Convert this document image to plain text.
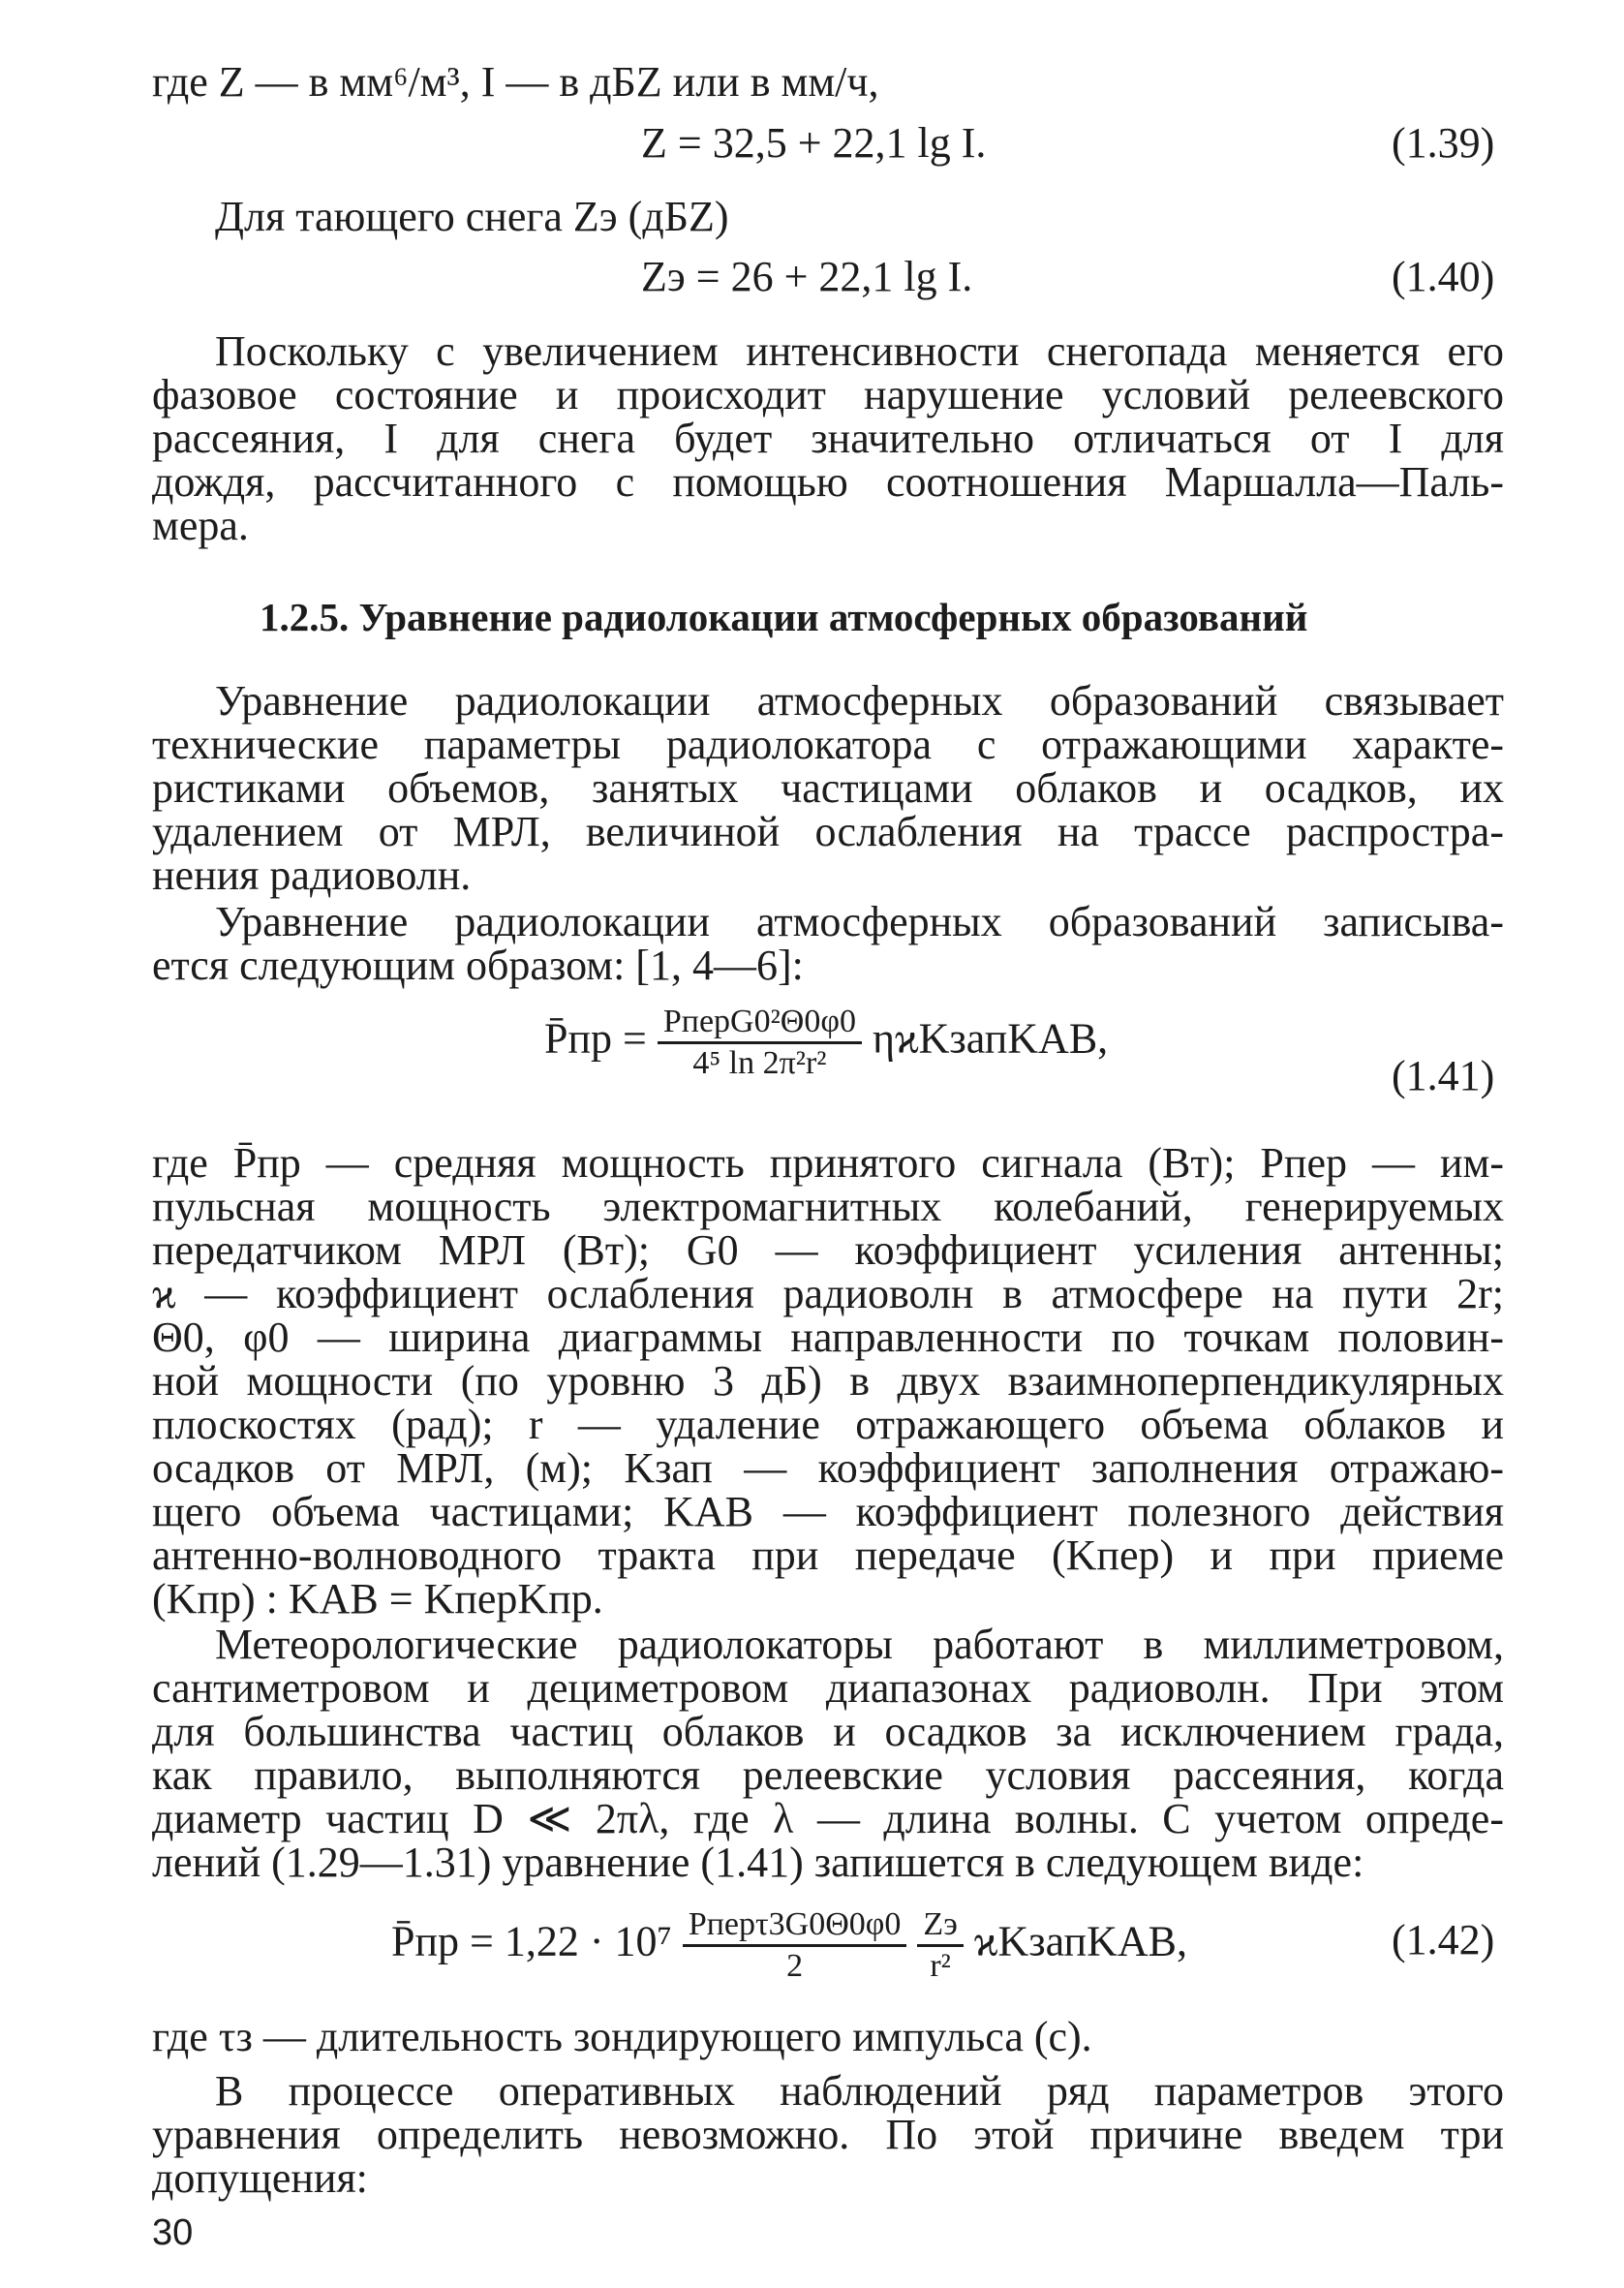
где Z — в мм⁶/м³, I — в дБZ или в мм/ч,
Z = 32,5 + 22,1 lg I.	(1.39)
Для тающего снега Zэ (дБZ)
Zэ = 26 + 22,1 lg I.	(1.40)
Поскольку с увеличением интенсивности снегопада меняется его
фазовое состояние и происходит нарушение условий релеевского
рассеяния, I для снега будет значительно отличаться от I для
дождя, рассчитанного с помощью соотношения Маршалла—Паль-
мера.
1.2.5. Уравнение радиолокации атмосферных образований
Уравнение радиолокации атмосферных образований связывает
технические параметры радиолокатора с отражающими характе-
ристиками объемов, занятых частицами облаков и осадков, их
удалением от МРЛ, величиной ослабления на трассе распростра-
нения радиоволн.
Уравнение радиолокации атмосферных образований записыва-
ется следующим образом: [1, 4—6]:
P̄пр = $\frac{\text{PперG0²Θ0φ0}}{\text{4⁵ ln 2π²r²}}$ ηϰKзапKАВ,
(1.41)
где P̄пр — средняя мощность принятого сигнала (Вт); Pпер — им-
пульсная мощность электромагнитных колебаний, генерируемых
передатчиком МРЛ (Вт); G0 — коэффициент усиления антенны;
ϰ — коэффициент ослабления радиоволн в атмосфере на пути 2r;
Θ0, φ0 — ширина диаграммы направленности по точкам половин-
ной мощности (по уровню 3 дБ) в двух взаимноперпендикулярных
плоскостях (рад); r — удаление отражающего объема облаков и
осадков от МРЛ, (м); Kзап — коэффициент заполнения отражаю-
щего объема частицами; KАВ — коэффициент полезного действия
антенно-волноводного тракта при передаче (Kпер) и при приеме
(Kпр) : KАВ = KперKпр.
Метеорологические радиолокаторы работают в миллиметровом,
сантиметровом и дециметровом диапазонах радиоволн. При этом
для большинства частиц облаков и осадков за исключением града,
как правило, выполняются релеевские условия рассеяния, когда
диаметр частиц D ≪ 2πλ, где λ — длина волны. С учетом опреде-
лений (1.29—1.31) уравнение (1.41) запишется в следующем виде:
P̄пр = $1,22 \cdot 10^7 \frac{\text{Pперτ3G0Θ0φ0}}{2}$
$\frac{Zэ}{\text{r²}}$ ϰKзапKАВ,	(1.42)
где τз — длительность зондирующего импульса (с).
В процессе оперативных наблюдений ряд параметров этого
уравнения определить невозможно. По этой причине введем три
допущения:
30
